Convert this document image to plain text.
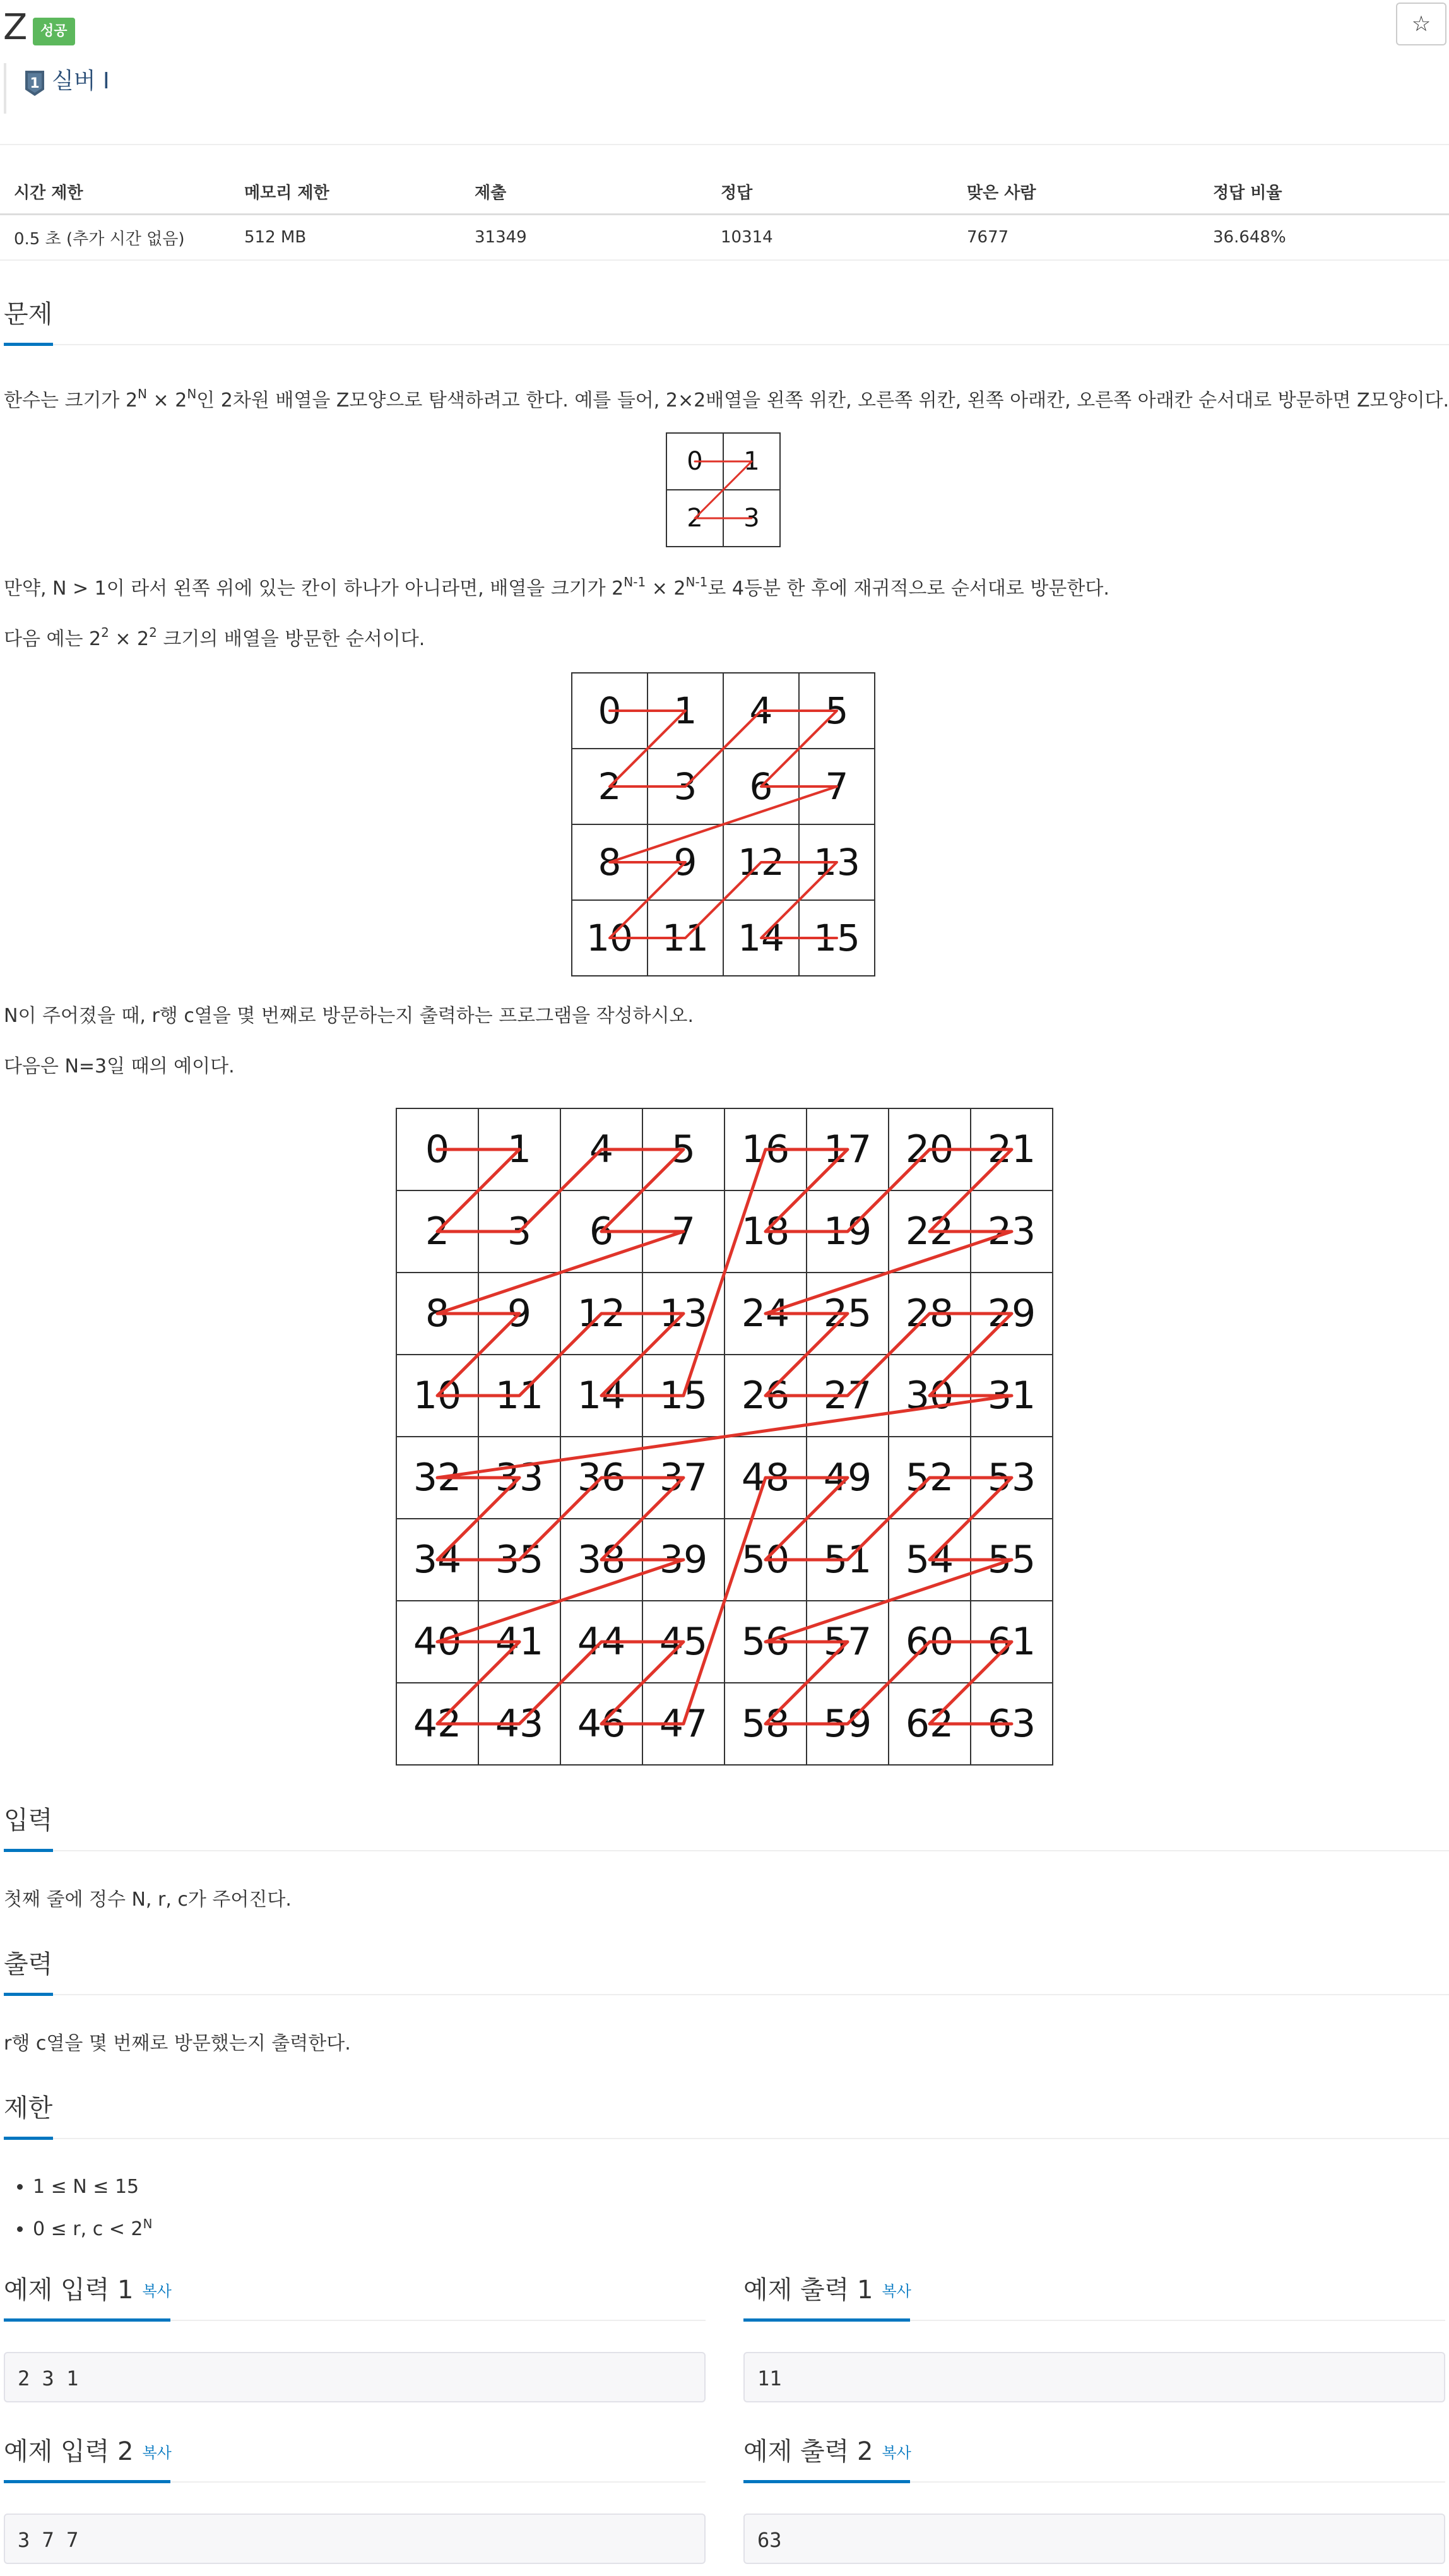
Z 성공	☆
1 실버 I
시간 제한	메모리 제한	제출	정답	맞은 사람	정답 비율
0.5 초 (추가 시간 없음)	512 MB	31349	10314	7677	36.648%
문제
한수는 크기가 $2^N \times 2^N$인 2차원 배열을 Z모양으로 탐색하려고 한다. 예를 들어, 2×2배열을 왼쪽 위칸, 오른쪽 위칸, 왼쪽 아래칸, 오른쪽 아래칸 순서대로 방문하면 Z모양이다.
0 1
2 3
만약, N > 1이 라서 왼쪽 위에 있는 칸이 하나가 아니라면, 배열을 크기가 $2^{N-1} \times 2^{N-1}$로 4등분 한 후에 재귀적으로 순서대로 방문한다.
다음 예는 $2^2 \times 2^2$ 크기의 배열을 방문한 순서이다.
0 1 4 5
2 3 6 7
8 9 12 13
10 11 14 15
N이 주어졌을 때, r행 c열을 몇 번째로 방문하는지 출력하는 프로그램을 작성하시오.
다음은 N=3일 때의 예이다.
0 1 4 5 16 17 20 21
2 3 6 7 18 19 22 23
8 9 12 13 24 25 28 29
10 11 14 15 26 27 30 31
32 33 36 37 48 49 52 53
34 35 38 39 50 51 54 55
40 41 44 45 56 57 60 61
42 43 46 47 58 59 62 63
입력
첫째 줄에 정수 N, r, c가 주어진다.
출력
r행 c열을 몇 번째로 방문했는지 출력한다.
제한
• 1 ≤ N ≤ 15
• 0 ≤ r, $c < 2^N$
예제 입력 1 복사
2 3 1
예제 출력 1 복사
11
예제 입력 2 복사
3 7 7
예제 출력 2 복사
63
